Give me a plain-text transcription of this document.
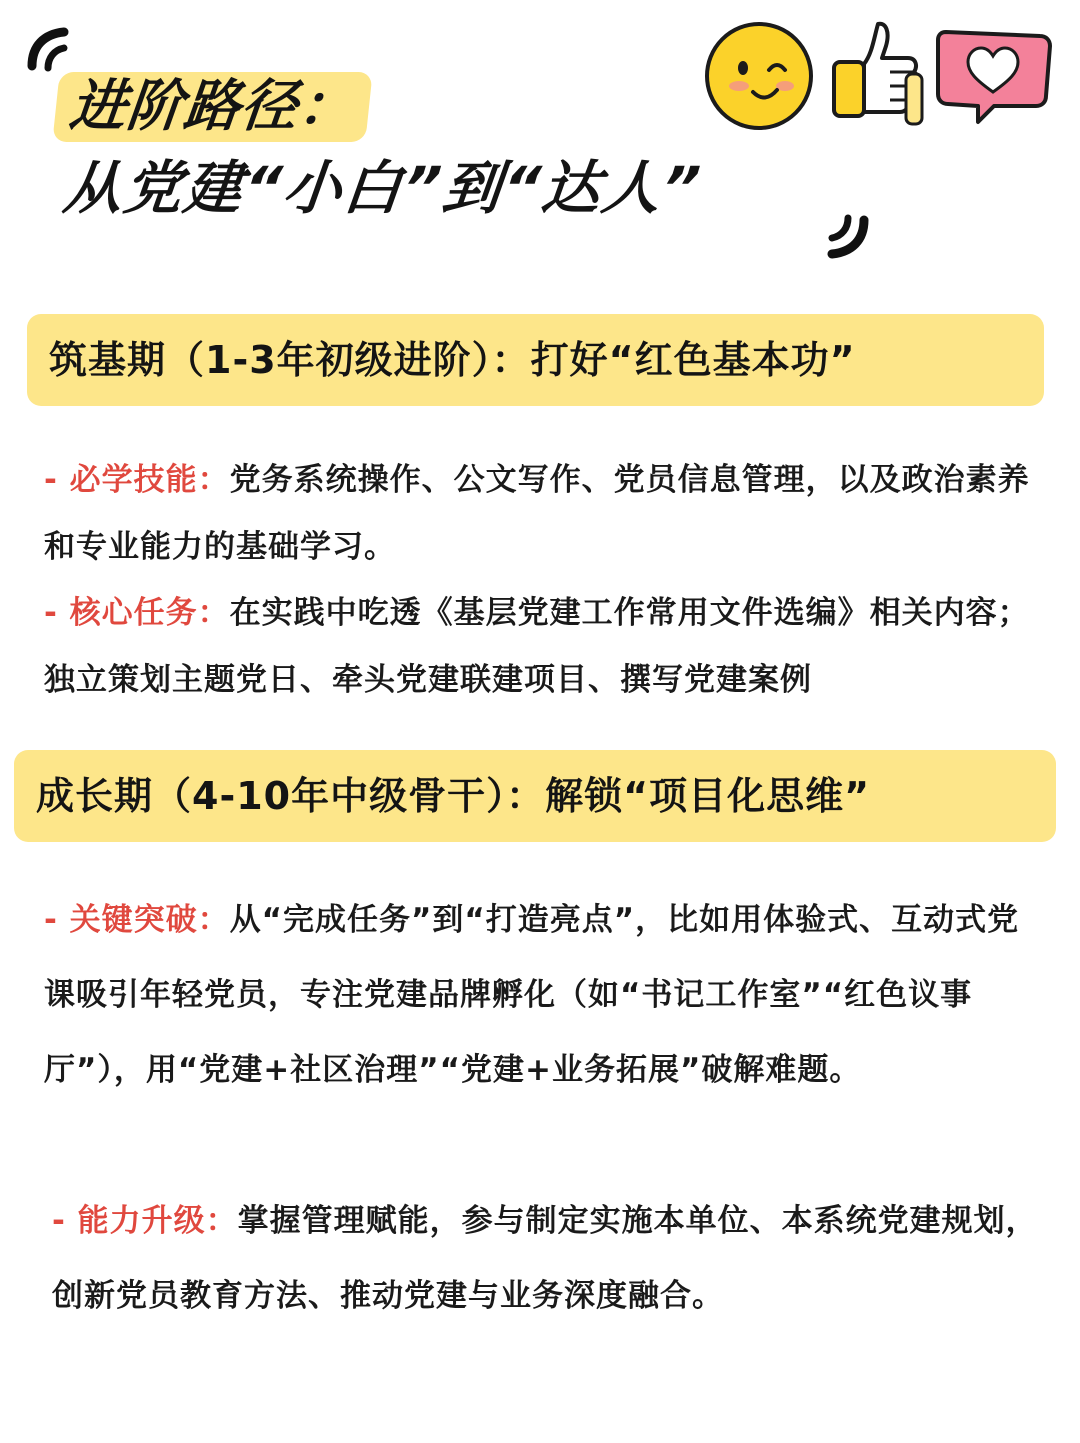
进阶路径：
从党建“小白”到“达人”
筑基期（1-3年初级进阶）：打好“红色基本功”
- 必学技能：党务系统操作、公文写作、党员信息管理，以及政治素养和专业能力的基础学习。
- 核心任务：在实践中吃透《基层党建工作常用文件选编》相关内容；独立策划主题党日、牵头党建联建项目、撰写党建案例
成长期（4-10年中级骨干）：解锁“项目化思维”
- 关键突破：从“完成任务”到“打造亮点”，比如用体验式、互动式党课吸引年轻党员，专注党建品牌孵化（如“书记工作室”“红色议事厅”），用“党建+社区治理”“党建+业务拓展”破解难题。
- 能力升级：掌握管理赋能，参与制定实施本单位、本系统党建规划，创新党员教育方法、推动党建与业务深度融合。
